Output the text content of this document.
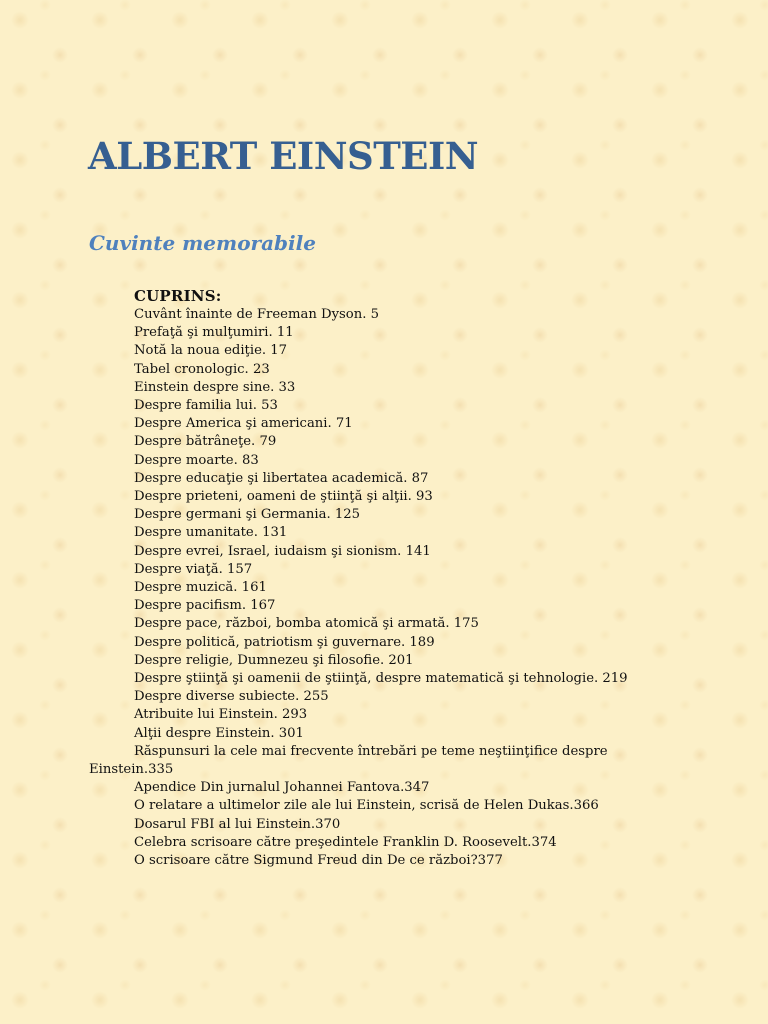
ALBERT EINSTEIN
Cuvinte memorabile
CUPRINS:
Cuvânt înainte de Freeman Dyson. 5
Prefaţă şi mulţumiri. 11
Notă la noua ediţie. 17
Tabel cronologic. 23
Einstein despre sine. 33
Despre familia lui. 53
Despre America şi americani. 71
Despre bătrâneţe. 79
Despre moarte. 83
Despre educaţie şi libertatea academică. 87
Despre prieteni, oameni de ştiinţă şi alţii. 93
Despre germani şi Germania. 125
Despre umanitate. 131
Despre evrei, Israel, iudaism şi sionism. 141
Despre viaţă. 157
Despre muzică. 161
Despre pacifism. 167
Despre pace, război, bomba atomică şi armată. 175
Despre politică, patriotism şi guvernare. 189
Despre religie, Dumnezeu şi filosofie. 201
Despre ştiinţă şi oamenii de ştiinţă, despre matematică şi tehnologie. 219
Despre diverse subiecte. 255
Atribuite lui Einstein. 293
Alţii despre Einstein. 301
Răspunsuri la cele mai frecvente întrebări pe teme neştiinţifice despre
Einstein.335
Apendice Din jurnalul Johannei Fantova.347
O relatare a ultimelor zile ale lui Einstein, scrisă de Helen Dukas.366
Dosarul FBI al lui Einstein.370
Celebra scrisoare către preşedintele Franklin D. Roosevelt.374
O scrisoare către Sigmund Freud din De ce război?377
